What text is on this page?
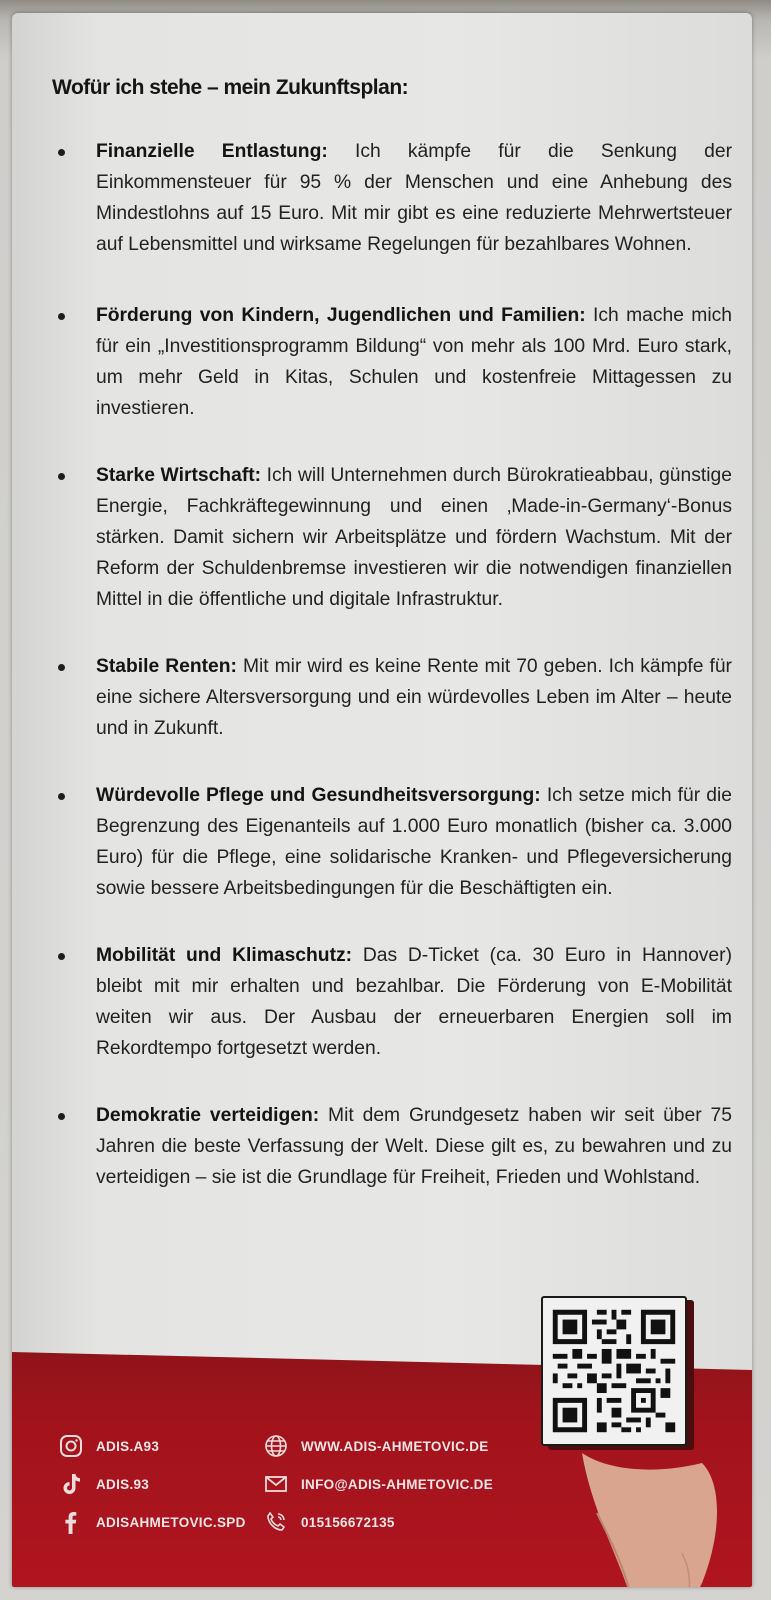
Wofür ich stehe – mein Zukunftsplan:
Finanzielle Entlastung: Ich kämpfe für die Senkung der Einkommensteuer für 95 % der Menschen und eine Anhebung des Mindestlohns auf 15 Euro. Mit mir gibt es eine reduzierte Mehrwertsteuer auf Lebensmittel und wirksame Regelungen für bezahlbares Wohnen.
Förderung von Kindern, Jugendlichen und Familien: Ich mache mich für ein „Investitionsprogramm Bildung“ von mehr als 100 Mrd. Euro stark, um mehr Geld in Kitas, Schulen und kostenfreie Mittagessen zu investieren.
Starke Wirtschaft: Ich will Unternehmen durch Bürokratieabbau, günstige Energie, Fachkräftegewinnung und einen ‚Made-in-Germany‘-Bonus stärken. Damit sichern wir Arbeitsplätze und fördern Wachstum. Mit der Reform der Schuldenbremse investieren wir die notwendigen finanziellen Mittel in die öffentliche und digitale Infrastruktur.
Stabile Renten: Mit mir wird es keine Rente mit 70 geben. Ich kämpfe für eine sichere Altersversorgung und ein würdevolles Leben im Alter – heute und in Zukunft.
Würdevolle Pflege und Gesundheitsversorgung: Ich setze mich für die Begrenzung des Eigenanteils auf 1.000 Euro monatlich (bisher ca. 3.000 Euro) für die Pflege, eine solidarische Kranken- und Pflegeversicherung sowie bessere Arbeitsbedingungen für die Beschäftigten ein.
Mobilität und Klimaschutz: Das D-Ticket (ca. 30 Euro in Hannover) bleibt mit mir erhalten und bezahlbar. Die Förderung von E-Mobilität weiten wir aus. Der Ausbau der erneuerbaren Energien soll im Rekordtempo fortgesetzt werden.
Demokratie verteidigen: Mit dem Grundgesetz haben wir seit über 75 Jahren die beste Verfassung der Welt. Diese gilt es, zu bewahren und zu verteidigen – sie ist die Grundlage für Freiheit, Frieden und Wohlstand.
ADIS.A93
ADIS.93
ADISAHMETOVIC.SPD
WWW.ADIS-AHMETOVIC.DE
INFO@ADIS-AHMETOVIC.DE
01515667213​5
